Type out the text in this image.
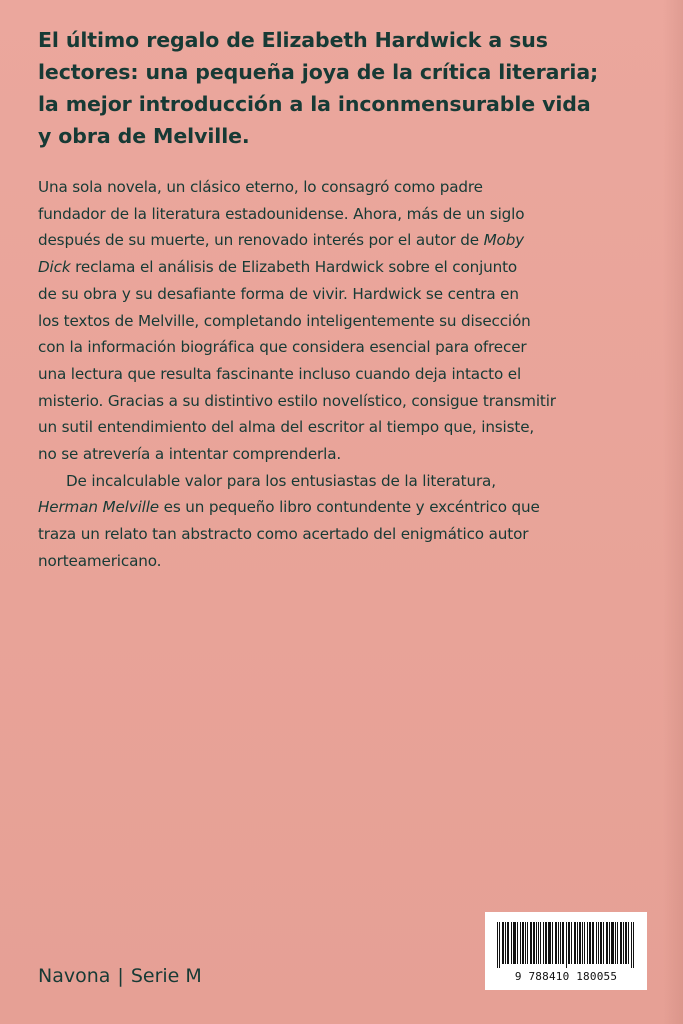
El último regalo de Elizabeth Hardwick a sus
lectores: una pequeña joya de la crítica literaria;
la mejor introducción a la inconmensurable vida
y obra de Melville.
Una sola novela, un clásico eterno, lo consagró como padre
fundador de la literatura estadounidense. Ahora, más de un siglo
después de su muerte, un renovado interés por el autor de Moby
Dick reclama el análisis de Elizabeth Hardwick sobre el conjunto
de su obra y su desafiante forma de vivir. Hardwick se centra en
los textos de Melville, completando inteligentemente su disección
con la información biográfica que considera esencial para ofrecer
una lectura que resulta fascinante incluso cuando deja intacto el
misterio. Gracias a su distintivo estilo novelístico, consigue transmitir
un sutil entendimiento del alma del escritor al tiempo que, insiste,
no se atrevería a intentar comprenderla.
De incalculable valor para los entusiastas de la literatura,
Herman Melville es un pequeño libro contundente y excéntrico que
traza un relato tan abstracto como acertado del enigmático autor
norteamericano.
Navona | Serie M	9 788410 180055
